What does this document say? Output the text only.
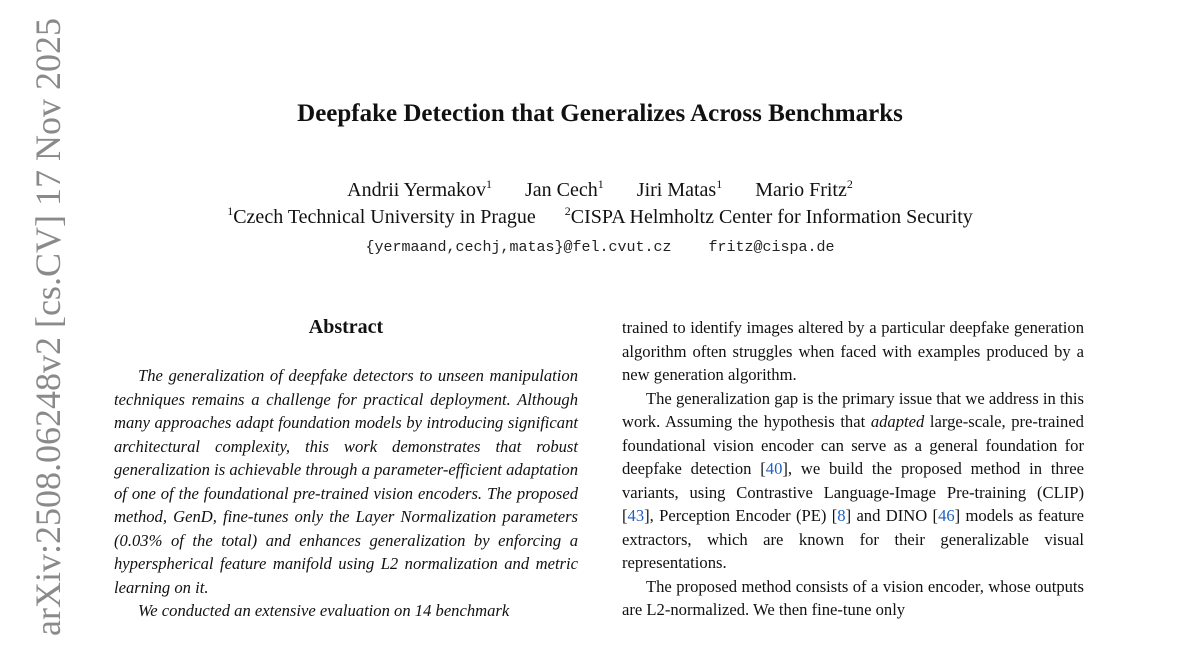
arXiv:2508.06248v2 [cs.CV] 17 Nov 2025	Deepfake Detection that Generalizes Across Benchmarks
Andrii Yermakov$^1$ Jan Cech$^1$ Jiri Matas$^1$ Mario Fritz$^2$
$^1$Czech Technical University in Prague $^2$CISPA Helmholtz Center for Information Security
{yermaand,cechj,matas}@fel.cvut.cz fritz@cispa.de
Abstract

The generalization of deepfake detectors to unseen manipulation techniques remains a challenge for practical deployment. Although many approaches adapt foundation models by introducing significant architectural complexity, this work demonstrates that robust generalization is achievable through a parameter-efficient adaptation of one of the foundational pre-trained vision encoders. The proposed method, GenD, fine-tunes only the Layer Normalization parameters (0.03% of the total) and enhances generalization by enforcing a hyperspherical feature manifold using L2 normalization and metric learning on it.

We conducted an extensive evaluation on 14 benchmark

trained to identify images altered by a particular deepfake generation algorithm often struggles when faced with examples produced by a new generation algorithm.

The generalization gap is the primary issue that we address in this work. Assuming the hypothesis that adapted large-scale, pre-trained foundational vision encoder can serve as a general foundation for deepfake detection [40], we build the proposed method in three variants, using Contrastive Language-Image Pre-training (CLIP) [43], Perception Encoder (PE) [8] and DINO [46] models as feature extractors, which are known for their generalizable visual representations.

The proposed method consists of a vision encoder, whose outputs are L2-normalized. We then fine-tune only
